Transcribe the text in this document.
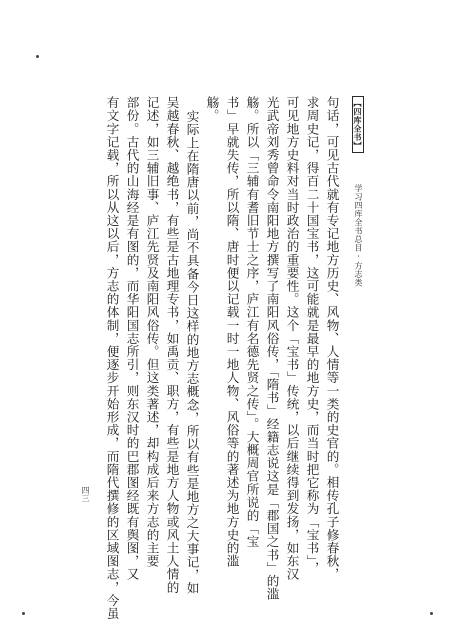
【四库全书】  学习四库全书总目·方志类
句话，可见古代就有专记地方历史、风物、人情等一类的史官的。相传孔子修春秋，
求周史记，得百二十国宝书，这可能就是最早的地方史，而当时把它称为「宝书」，
可见地方史料对当时政治的重要性。这个「宝书」传统，以后继续得到发扬，如东汉
光武帝刘秀曾命令南阳地方撰写了南阳风俗传，「隋书」经籍志说这是「郡国之书」的滥
觞。所以「三辅有耆旧节士之序，庐江有名德先贤之传」。大概周官所说的「宝
书」早就失传，所以隋、唐时便以记载一时一地人物、风俗等的著述为地方史的滥
觞。
实际上在隋唐以前，尚不具备今日这样的地方志概念，所以有些是地方之大事记，如
吴越春秋、越绝书，有些是古地理专书，如禹贡、职方，有些是地方人物或风土人情的
记述，如三辅旧事、庐江先贤及南阳风俗传。但这类著述，却构成后来方志的主要
部份。古代的山海经是有图的，而华阳国志所引，则东汉时的巴郡图经既有舆图，又
有文字记载，所以从这以后，方志的体制，便逐步开始形成，而隋代撰修的区域图志，今虽
四三
